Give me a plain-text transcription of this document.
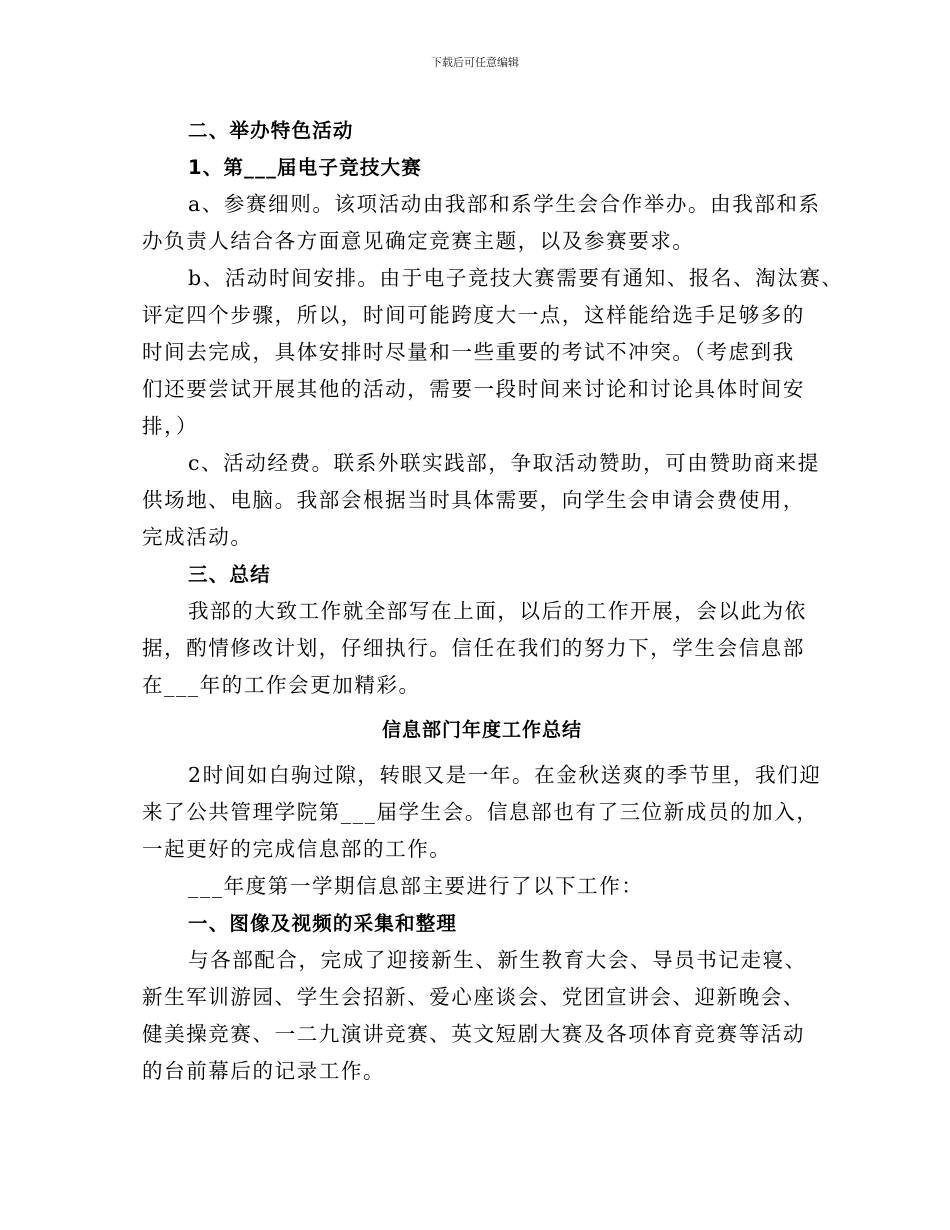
下载后可任意编辑
二、举办特色活动
1、第___届电子竞技大赛
a、参赛细则。该项活动由我部和系学生会合作举办。由我部和系
办负责人结合各方面意见确定竞赛主题，以及参赛要求。
b、活动时间安排。由于电子竞技大赛需要有通知、报名、淘汰赛、
评定四个步骤，所以，时间可能跨度大一点，这样能给选手足够多的
时间去完成，具体安排时尽量和一些重要的考试不冲突。（考虑到我
们还要尝试开展其他的活动，需要一段时间来讨论和讨论具体时间安
排，）
c、活动经费。联系外联实践部，争取活动赞助，可由赞助商来提
供场地、电脑。我部会根据当时具体需要，向学生会申请会费使用，
完成活动。
三、总结
我部的大致工作就全部写在上面，以后的工作开展，会以此为依
据，酌情修改计划，仔细执行。信任在我们的努力下，学生会信息部
在___年的工作会更加精彩。
信息部门年度工作总结
2时间如白驹过隙，转眼又是一年。在金秋送爽的季节里，我们迎
来了公共管理学院第___届学生会。信息部也有了三位新成员的加入，
一起更好的完成信息部的工作。
___年度第一学期信息部主要进行了以下工作：
一、图像及视频的采集和整理
与各部配合，完成了迎接新生、新生教育大会、导员书记走寝、
新生军训游园、学生会招新、爱心座谈会、党团宣讲会、迎新晚会、
健美操竞赛、一二九演讲竞赛、英文短剧大赛及各项体育竞赛等活动
的台前幕后的记录工作。
